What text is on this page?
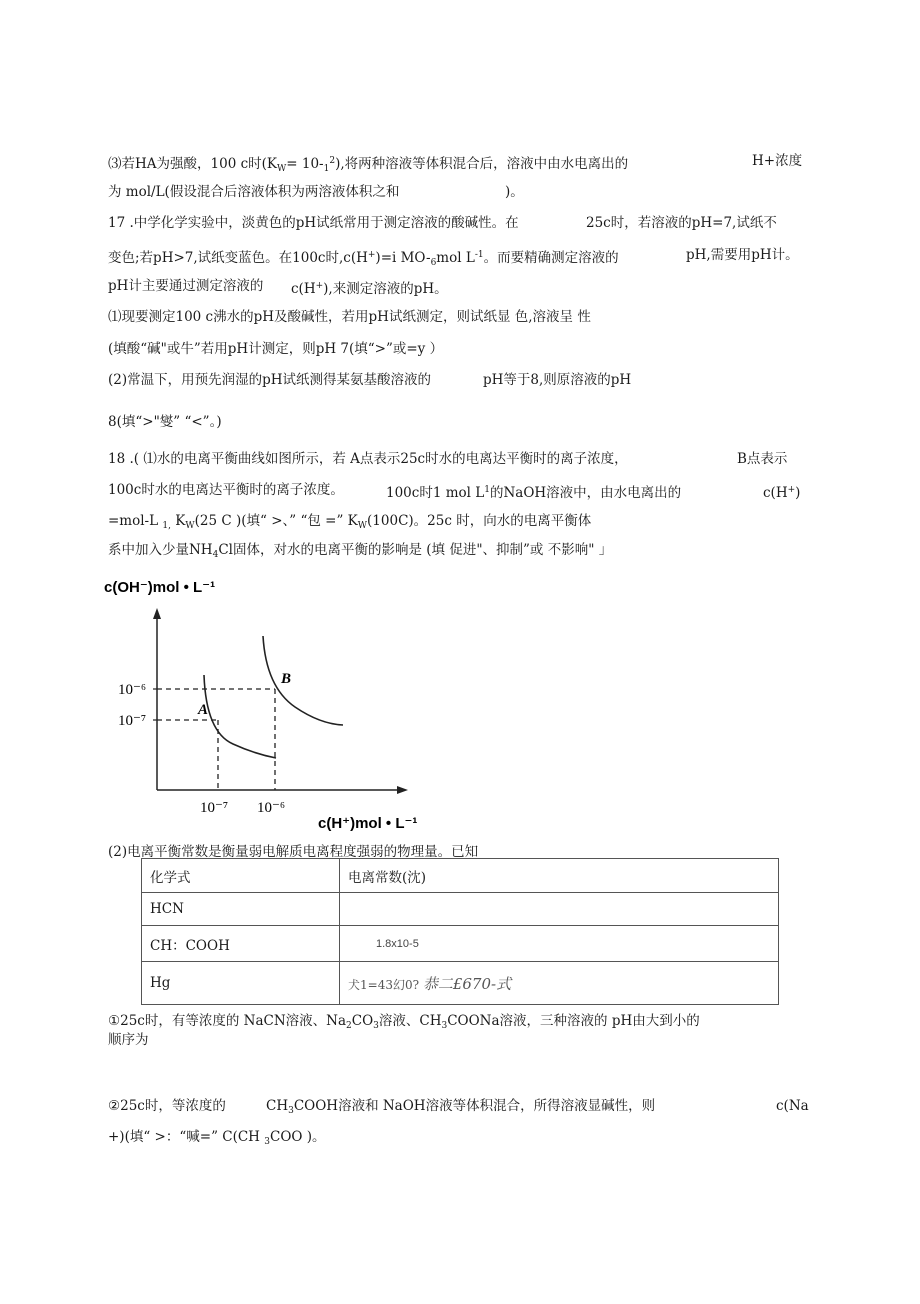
⑶若HA为强酸，100 c时$(K_W= 10-_1^2)$,将两种溶液等体积混合后，溶液中由水电离出的	H+浓度
为 mol/L(假设混合后溶液体积为两溶液体积之和	)。
17 .中学化学实验中，淡黄色的pH试纸常用于测定溶液的酸碱性。在	25c时，若溶液的pH=7,试纸不
变色;若pH>7,试纸变蓝色。在100c时,c(H+)=i $MO-_6mol$ $L^{-1}$。而要精确测定溶液的	pH,需要用pH计。
pH计主要通过测定溶液的 c(H+),来测定溶液的pH。
⑴现要测定100 c沸水的pH及酸碱性，若用pH试纸测定，则试纸显 色,溶液呈 性
(填酸“碱"或牛”若用pH计测定，则pH 7(填“>”或=y ）
(2)常温下，用预先润湿的pH试纸测得某氨基酸溶液的	pH等于8,则原溶液的pH
8(填“>"燮” “<”。)
18 .( ⑴水的电离平衡曲线如图所示，若 A点表示25c时水的电离达平衡时的离子浓度，	B点表示
100c时水的电离达平衡时的离子浓度。	100c时1 mol $L^1$的NaOH溶液中，由水电离出的	c(H+)
=mol-L $_{1,}$ $K_W(25$ C )(填“ >、” “包 =” $K_W(100C)$。25c 时，向水的电离平衡体
系中加入少量$NH_4Cl$固体，对水的电离平衡的影响是 (填 促进"、抑制”或 不影响" 」
c(OH⁻)mol • L⁻¹
c(H⁺)mol • L⁻¹
10⁻⁷ 10⁻⁶
10⁻⁶
10⁻⁷
A
B
(2)电离平衡常数是衡量弱电解质电离程度强弱的物理量。已知
化学式	电离常数(沈)
HCN	
CH：COOH	1.8x10-5
Hg	犬1=43幻0? 恭二£670-式
①25c时，有等浓度的 NaCN溶液、$Na_2CO_3$溶液、$CH_3COONa$溶液，三种溶液的 pH由大到小的
顺序为
②25c时，等浓度的	$CH_3COOH$溶液和 NaOH溶液等体积混合，所得溶液显碱性，则	c(Na
+)(填“ >：“喊=” C(CH $_3$COO )。
